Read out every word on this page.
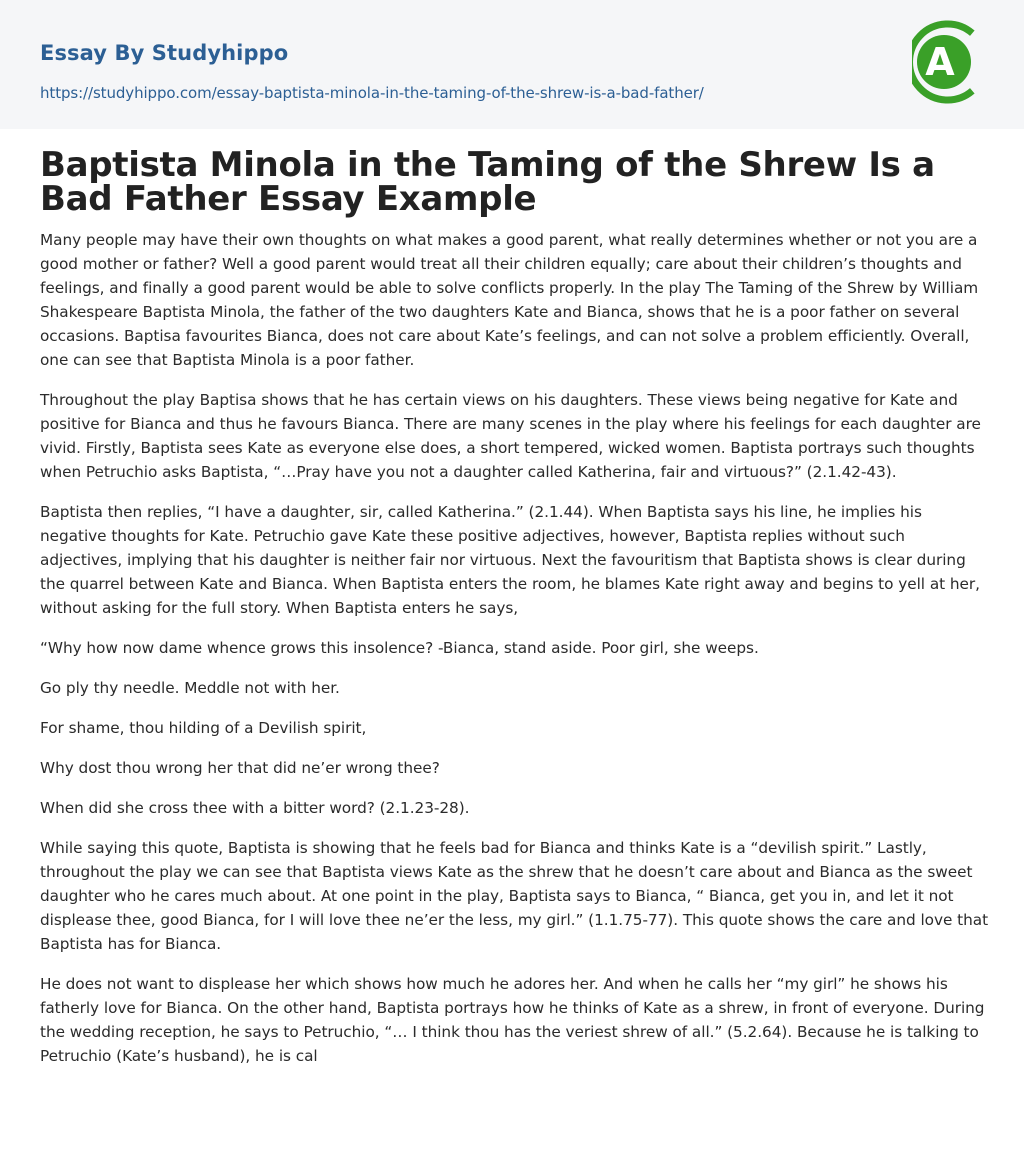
Essay By Studyhippo
https://studyhippo.com/essay-baptista-minola-in-the-taming-of-the-shrew-is-a-bad-father/
A
Baptista Minola in the Taming of the Shrew Is a Bad Father Essay Example

Many people may have their own thoughts on what makes a good parent, what really determines whether or not you are a good mother or father? Well a good parent would treat all their children equally; care about their children’s thoughts and feelings, and finally a good parent would be able to solve conflicts properly. In the play The Taming of the Shrew by William Shakespeare Baptista Minola, the father of the two daughters Kate and Bianca, shows that he is a poor father on several occasions. Baptisa favourites Bianca, does not care about Kate’s feelings, and can not solve a problem efficiently. Overall, one can see that Baptista Minola is a poor father.

Throughout the play Baptisa shows that he has certain views on his daughters. These views being negative for Kate and positive for Bianca and thus he favours Bianca. There are many scenes in the play where his feelings for each daughter are vivid. Firstly, Baptista sees Kate as everyone else does, a short tempered, wicked women. Baptista portrays such thoughts when Petruchio asks Baptista, “…Pray have you not a daughter called Katherina, fair and virtuous?” (2.1.42-43).

Baptista then replies, “I have a daughter, sir, called Katherina.” (2.1.44). When Baptista says his line, he implies his negative thoughts for Kate. Petruchio gave Kate these positive adjectives, however, Baptista replies without such adjectives, implying that his daughter is neither fair nor virtuous. Next the favouritism that Baptista shows is clear during the quarrel between Kate and Bianca. When Baptista enters the room, he blames Kate right away and begins to yell at her, without asking for the full story. When Baptista enters he says,

“Why how now dame whence grows this insolence? -Bianca, stand aside. Poor girl, she weeps.

Go ply thy needle. Meddle not with her.

For shame, thou hilding of a Devilish spirit,

Why dost thou wrong her that did ne’er wrong thee?

When did she cross thee with a bitter word? (2.1.23-28).

While saying this quote, Baptista is showing that he feels bad for Bianca and thinks Kate is a “devilish spirit.” Lastly, throughout the play we can see that Baptista views Kate as the shrew that he doesn’t care about and Bianca as the sweet daughter who he cares much about. At one point in the play, Baptista says to Bianca, “ Bianca, get you in, and let it not displease thee, good Bianca, for I will love thee ne’er the less, my girl.” (1.1.75-77). This quote shows the care and love that Baptista has for Bianca.

He does not want to displease her which shows how much he adores her. And when he calls her “my girl” he shows his fatherly love for Bianca. On the other hand, Baptista portrays how he thinks of Kate as a shrew, in front of everyone. During the wedding reception, he says to Petruchio, “… I think thou has the veriest shrew of all.” (5.2.64). Because he is talking to Petruchio (Kate’s husband), he is cal
